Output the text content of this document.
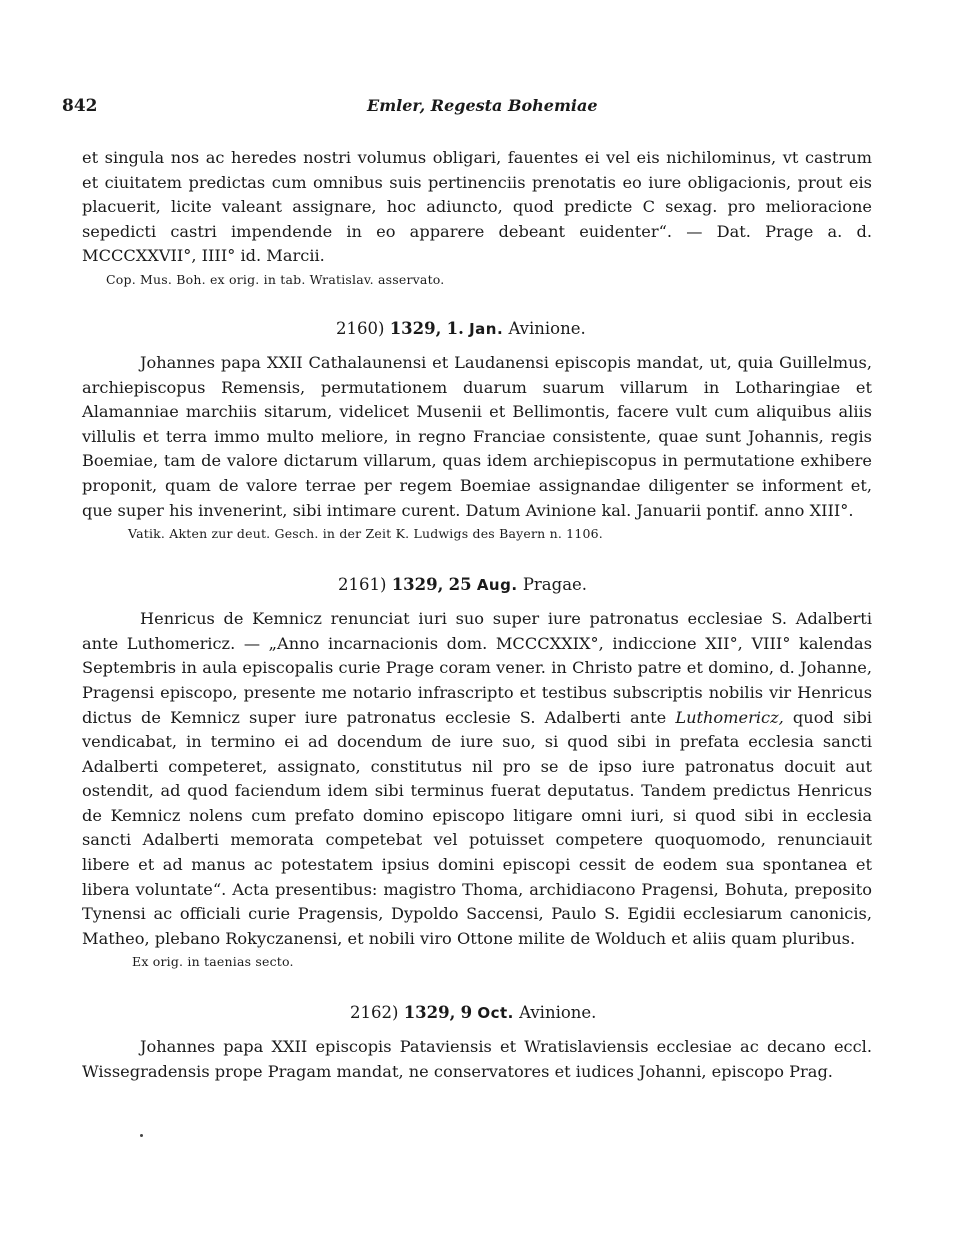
842	Emler, Regesta Bohemiae

et singula nos ac heredes nostri volumus obligari, fauentes ei vel eis nichilominus, vt castrum et ciuitatem predictas cum omnibus suis pertinenciis prenotatis eo iure obligacionis, prout eis placuerit, licite valeant assignare, hoc adiuncto, quod predicte C sexag. pro melioracione sepedicti castri impendende in eo apparere debeant euidenter“. — Dat. Prage a. d. MCCCXXVII°, IIII° id. Marcii.

Cop. Mus. Boh. ex orig. in tab. Wratislav. asservato.

2160) 1329, 1. Jan. Avinione.

Johannes papa XXII Cathalaunensi et Laudanensi episcopis mandat, ut, quia Guillelmus, archiepiscopus Remensis, permutationem duarum suarum villarum in Lotharingiae et Alamanniae marchiis sitarum, videlicet Musenii et Bellimontis, facere vult cum aliquibus aliis villulis et terra immo multo meliore, in regno Franciae consistente, quae sunt Johannis, regis Boemiae, tam de valore dictarum villarum, quas idem archiepiscopus in permutatione exhibere proponit, quam de valore terrae per regem Boemiae assignandae diligenter se informent et, que super his invenerint, sibi intimare curent. Datum Avinione kal. Januarii pontif. anno XIII°.

Vatik. Akten zur deut. Gesch. in der Zeit K. Ludwigs des Bayern n. 1106.

2161) 1329, 25 Aug. Pragae.

Henricus de Kemnicz renunciat iuri suo super iure patronatus ecclesiae S. Adalberti ante Luthomericz. — „Anno incarnacionis dom. MCCCXXIX°, indiccione XII°, VIII° kalendas Septembris in aula episcopalis curie Prage coram vener. in Christo patre et domino, d. Johanne, Pragensi episcopo, presente me notario infrascripto et testibus subscriptis nobilis vir Henricus dictus de Kemnicz super iure patronatus ecclesie S. Adalberti ante Luthomericz, quod sibi vendicabat, in termino ei ad docendum de iure suo, si quod sibi in prefata ecclesia sancti Adalberti competeret, assignato, constitutus nil pro se de ipso iure patronatus docuit aut ostendit, ad quod faciendum idem sibi terminus fuerat deputatus. Tandem predictus Henricus de Kemnicz nolens cum prefato domino episcopo litigare omni iuri, si quod sibi in ecclesia sancti Adalberti memorata competebat vel potuisset competere quoquomodo, renunciauit libere et ad manus ac potestatem ipsius domini episcopi cessit de eodem sua spontanea et libera voluntate“. Acta presentibus: magistro Thoma, archidiacono Pragensi, Bohuta, preposito Tynensi ac officiali curie Pragensis, Dypoldo Saccensi, Paulo S. Egidii ecclesiarum canonicis, Matheo, plebano Rokyczanensi, et nobili viro Ottone milite de Wolduch et aliis quam pluribus.

Ex orig. in taenias secto.

2162) 1329, 9 Oct. Avinione.

Johannes papa XXII episcopis Pataviensis et Wratislaviensis ecclesiae ac decano eccl. Wissegradensis prope Pragam mandat, ne conservatores et iudices Johanni, episcopo Prag.
